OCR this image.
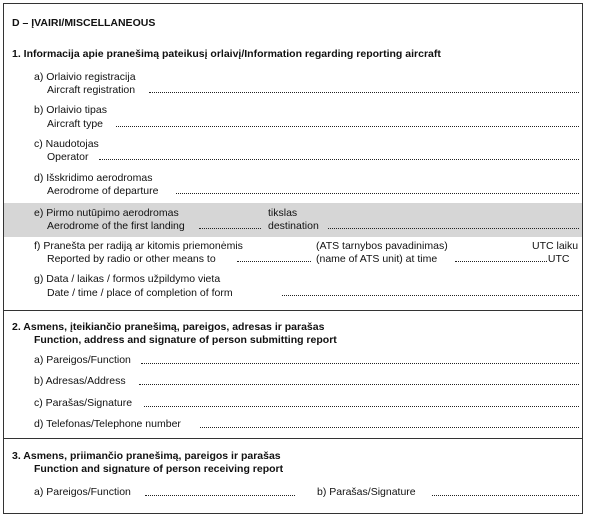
D – ĮVAIRI/MISCELLANEOUS
1. Informacija apie pranešimą pateikusį orlaivį/Information regarding reporting aircraft
a) Orlaivio registracija
Aircraft registration
b) Orlaivio tipas
Aircraft type
c) Naudotojas
Operator
d) Išskridimo aerodromas
Aerodrome of departure
e) Pirmo nutūpimo aerodromas
Aerodrome of the first landing
tikslas
destination
f) Pranešta per radiją ar kitomis priemonėmis	(ATS tarnybos pavadinimas)	UTC laiku
Reported by radio or other means to	(name of ATS unit) at time	.UTC
g) Data / laikas / formos užpildymo vieta
Date / time / place of completion of form
2. Asmens, įteikiančio pranešimą, pareigos, adresas ir parašas
Function, address and signature of person submitting report
a) Pareigos/Function
b) Adresas/Address
c) Parašas/Signature
d) Telefonas/Telephone number
3. Asmens, priimančio pranešimą, pareigos ir parašas
Function and signature of person receiving report
a) Pareigos/Function	b) Parašas/Signature
